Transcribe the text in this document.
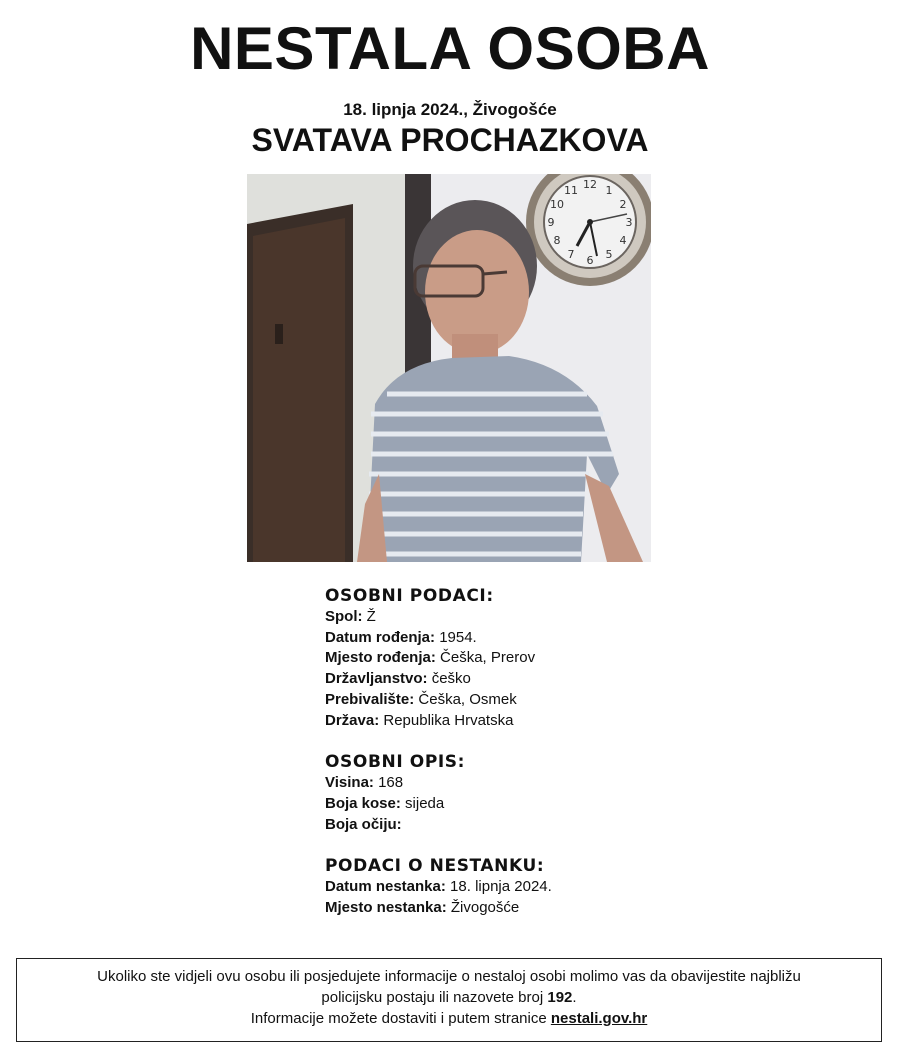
NESTALA OSOBA
18. lipnja 2024., Živogošće
SVATAVA PROCHAZKOVA
12 1
2
3
4
5
6
7
8
9
10
11
OSOBNI PODACI:
Spol: Ž
Datum rođenja: 1954.
Mjesto rođenja: Češka, Prerov
Državljanstvo: češko
Prebivalište: Češka, Osmek
Država: Republika Hrvatska
OSOBNI OPIS:
Visina: 168
Boja kose: sijeda
Boja očiju:
PODACI O NESTANKU:
Datum nestanka: 18. lipnja 2024.
Mjesto nestanka: Živogošće
Ukoliko ste vidjeli ovu osobu ili posjedujete informacije o nestaloj osobi molimo vas da obavijestite najbližu
policijsku postaju ili nazovete broj 192.
Informacije možete dostaviti i putem stranice nestali.gov.hr
